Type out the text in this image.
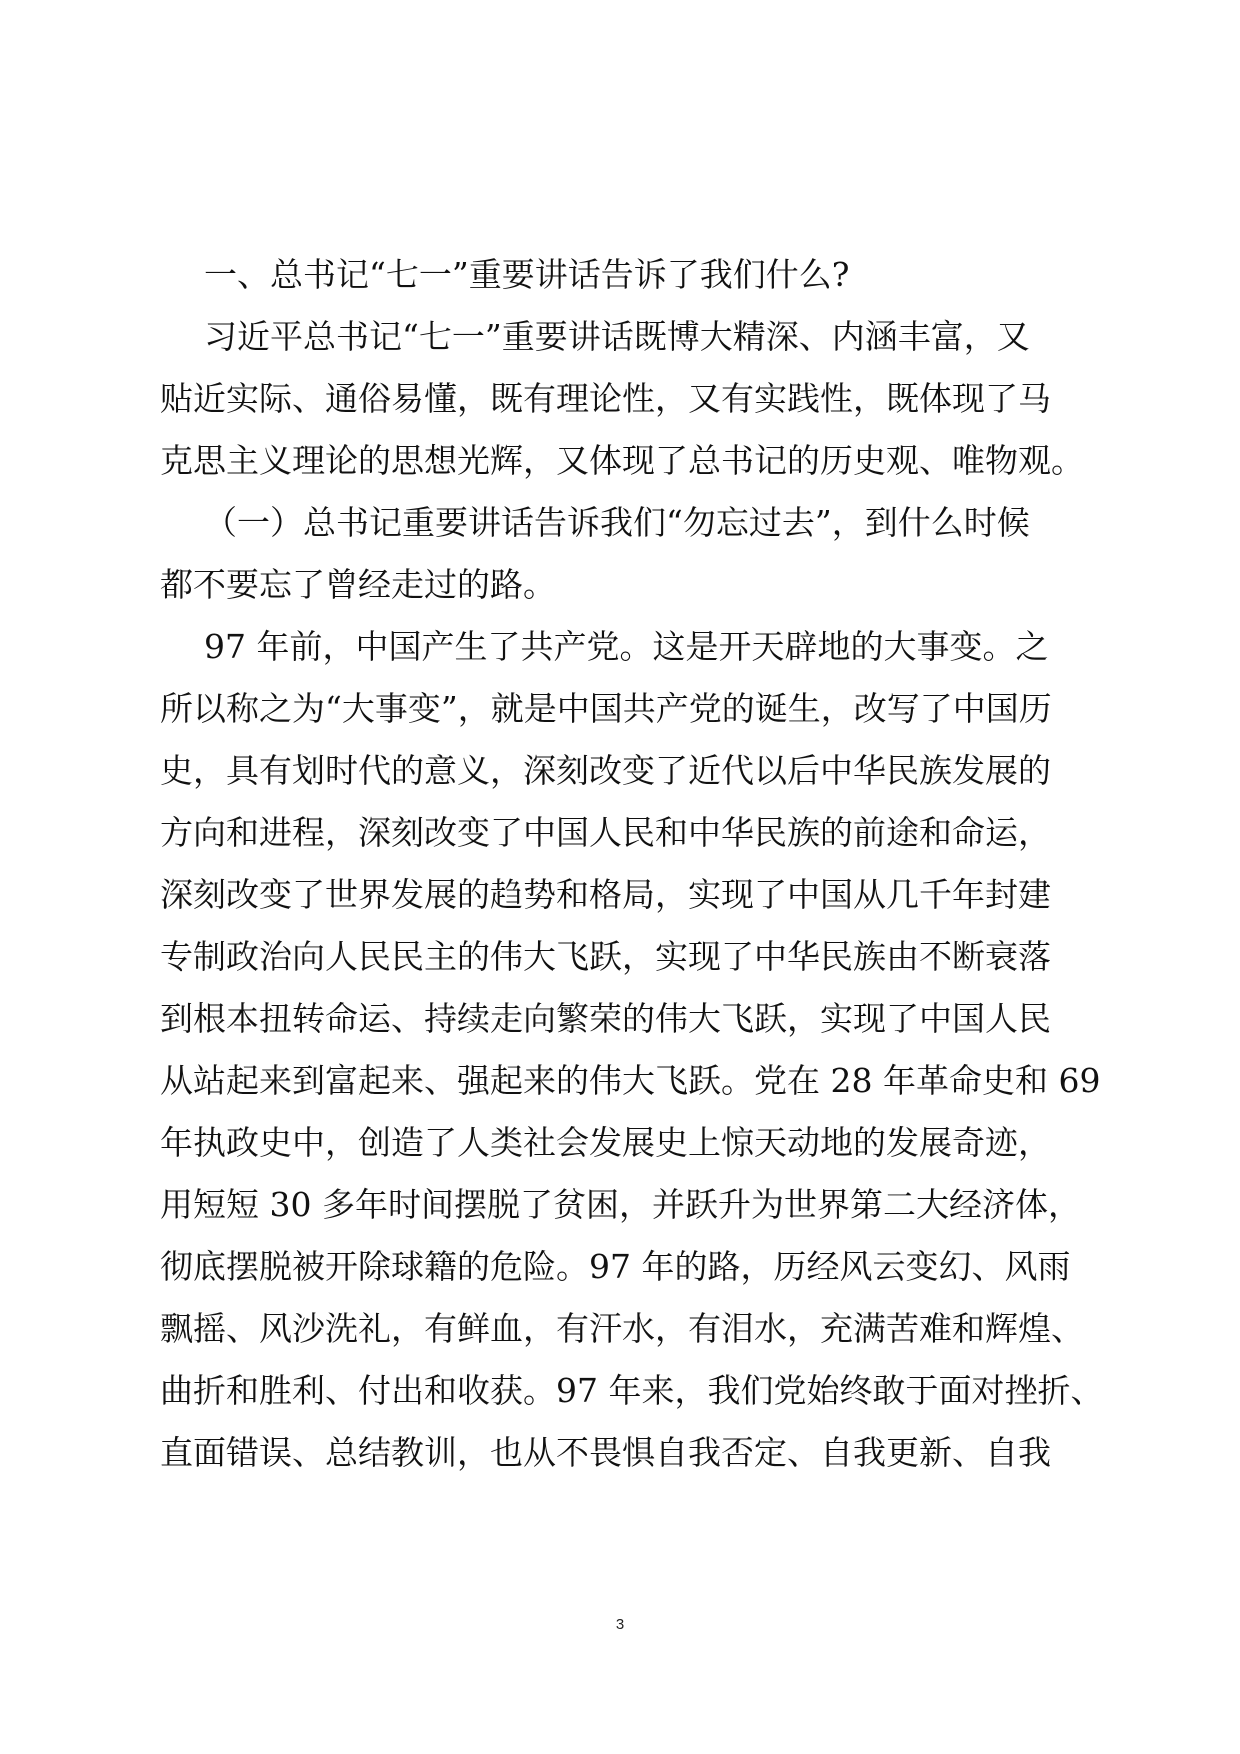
一、总书记“七一”重要讲话告诉了我们什么?
习近平总书记“七一”重要讲话既博大精深、内涵丰富，又
贴近实际、通俗易懂，既有理论性，又有实践性，既体现了马
克思主义理论的思想光辉，又体现了总书记的历史观、唯物观。
（一）总书记重要讲话告诉我们“勿忘过去”，到什么时候
都不要忘了曾经走过的路。
97 年前，中国产生了共产党。这是开天辟地的大事变。之
所以称之为“大事变”，就是中国共产党的诞生，改写了中国历
史，具有划时代的意义，深刻改变了近代以后中华民族发展的
方向和进程，深刻改变了中国人民和中华民族的前途和命运，
深刻改变了世界发展的趋势和格局，实现了中国从几千年封建
专制政治向人民民主的伟大飞跃，实现了中华民族由不断衰落
到根本扭转命运、持续走向繁荣的伟大飞跃，实现了中国人民
从站起来到富起来、强起来的伟大飞跃。党在 28 年革命史和 69
年执政史中，创造了人类社会发展史上惊天动地的发展奇迹，
用短短 30 多年时间摆脱了贫困，并跃升为世界第二大经济体，
彻底摆脱被开除球籍的危险。97 年的路，历经风云变幻、风雨
飘摇、风沙洗礼，有鲜血，有汗水，有泪水，充满苦难和辉煌、
曲折和胜利、付出和收获。97 年来，我们党始终敢于面对挫折、
直面错误、总结教训，也从不畏惧自我否定、自我更新、自我
3
